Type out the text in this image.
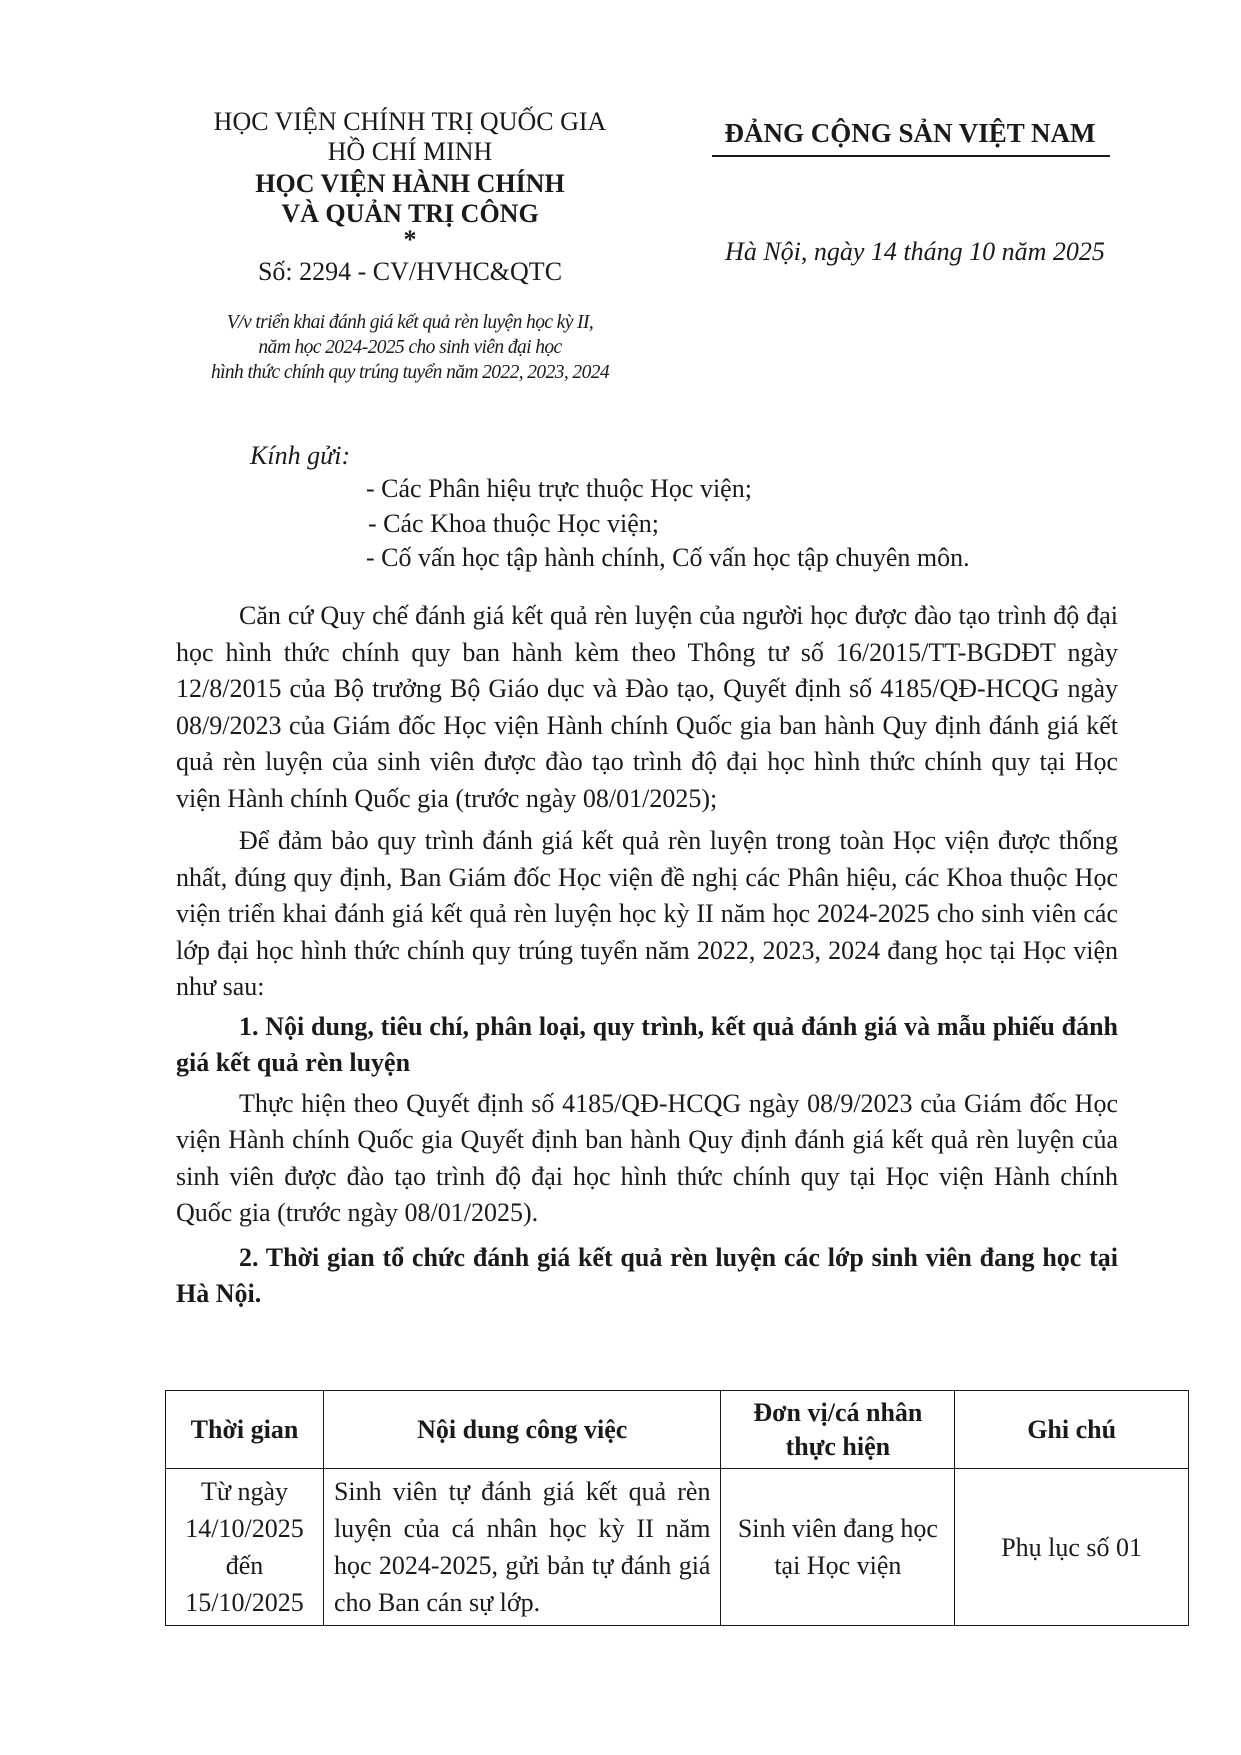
HỌC VIỆN CHÍNH TRỊ QUỐC GIA
HỒ CHÍ MINH
HỌC VIỆN HÀNH CHÍNH
VÀ QUẢN TRỊ CÔNG
*
Số: 2294 - CV/HVHC&QTC
V/v triển khai đánh giá kết quả rèn luyện học kỳ II,
năm học 2024-2025 cho sinh viên đại học
hình thức chính quy trúng tuyển năm 2022, 2023, 2024
ĐẢNG CỘNG SẢN VIỆT NAM
Hà Nội, ngày 14 tháng 10 năm 2025
Kính gửi:
- Các Phân hiệu trực thuộc Học viện;
- Các Khoa thuộc Học viện;
- Cố vấn học tập hành chính, Cố vấn học tập chuyên môn.

Căn cứ Quy chế đánh giá kết quả rèn luyện của người học được đào tạo trình độ đại học hình thức chính quy ban hành kèm theo Thông tư số 16/2015/TT-BGDĐT ngày 12/8/2015 của Bộ trưởng Bộ Giáo dục và Đào tạo, Quyết định số 4185/QĐ-HCQG ngày 08/9/2023 của Giám đốc Học viện Hành chính Quốc gia ban hành Quy định đánh giá kết quả rèn luyện của sinh viên được đào tạo trình độ đại học hình thức chính quy tại Học viện Hành chính Quốc gia (trước ngày 08/01/2025);

Để đảm bảo quy trình đánh giá kết quả rèn luyện trong toàn Học viện được thống nhất, đúng quy định, Ban Giám đốc Học viện đề nghị các Phân hiệu, các Khoa thuộc Học viện triển khai đánh giá kết quả rèn luyện học kỳ II năm học 2024-2025 cho sinh viên các lớp đại học hình thức chính quy trúng tuyển năm 2022, 2023, 2024 đang học tại Học viện như sau:

1. Nội dung, tiêu chí, phân loại, quy trình, kết quả đánh giá và mẫu phiếu đánh giá kết quả rèn luyện

Thực hiện theo Quyết định số 4185/QĐ-HCQG ngày 08/9/2023 của Giám đốc Học viện Hành chính Quốc gia Quyết định ban hành Quy định đánh giá kết quả rèn luyện của sinh viên được đào tạo trình độ đại học hình thức chính quy tại Học viện Hành chính Quốc gia (trước ngày 08/01/2025).

2. Thời gian tổ chức đánh giá kết quả rèn luyện các lớp sinh viên đang học tại Hà Nội.

Thời gian	Nội dung công việc	Đơn vị/cá nhân thực hiện	Ghi chú
Từ ngày 14/10/2025 đến 15/10/2025	Sinh viên tự đánh giá kết quả rèn luyện của cá nhân học kỳ II năm học 2024-2025, gửi bản tự đánh giá cho Ban cán sự lớp.	Sinh viên đang học tại Học viện	Phụ lục số 01
